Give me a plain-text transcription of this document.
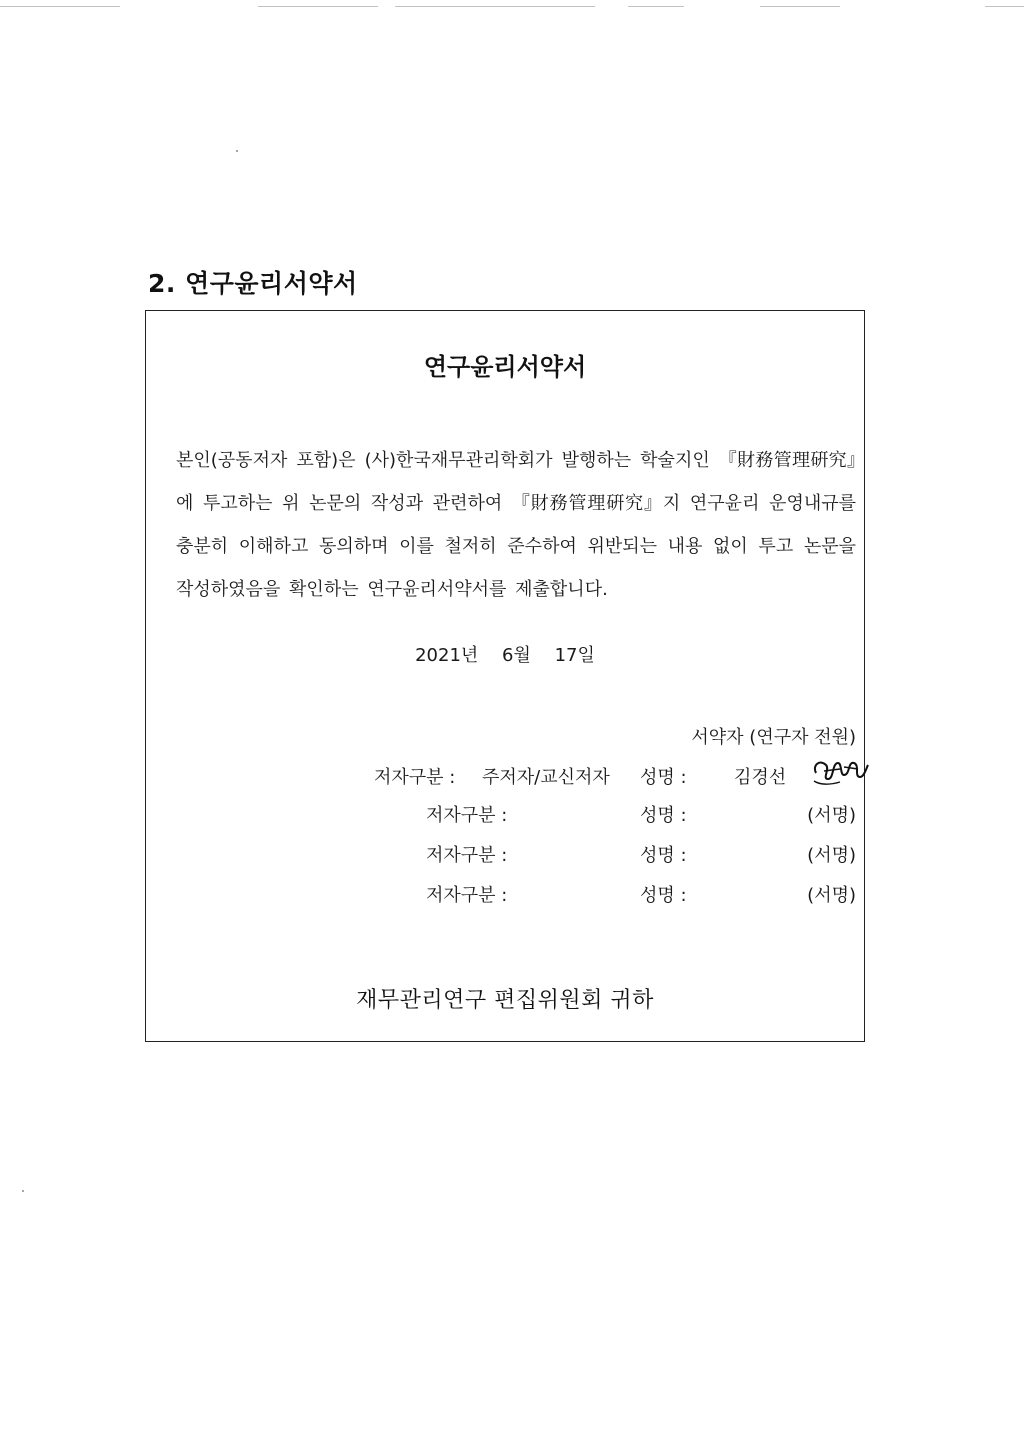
2. 연구윤리서약서
연구윤리서약서
본인(공동저자 포함)은 (사)한국재무관리학회가 발행하는 학술지인 『財務管理硏究』에 투고하는 위 논문의 작성과 관련하여 『財務管理硏究』지 연구윤리 운영내규를 충분히 이해하고 동의하며 이를 철저히 준수하여 위반되는 내용 없이 투고 논문을 작성하였음을 확인하는 연구윤리서약서를 제출합니다.
2021년 6월 17일
서약자 (연구자 전원)
저자구분 : 주저자/교신저자 성명 :	김경선
저자구분 :	성명 :	(서명)
저자구분 :	성명 :	(서명)
저자구분 :	성명 :	(서명)
재무관리연구 편집위원회 귀하
